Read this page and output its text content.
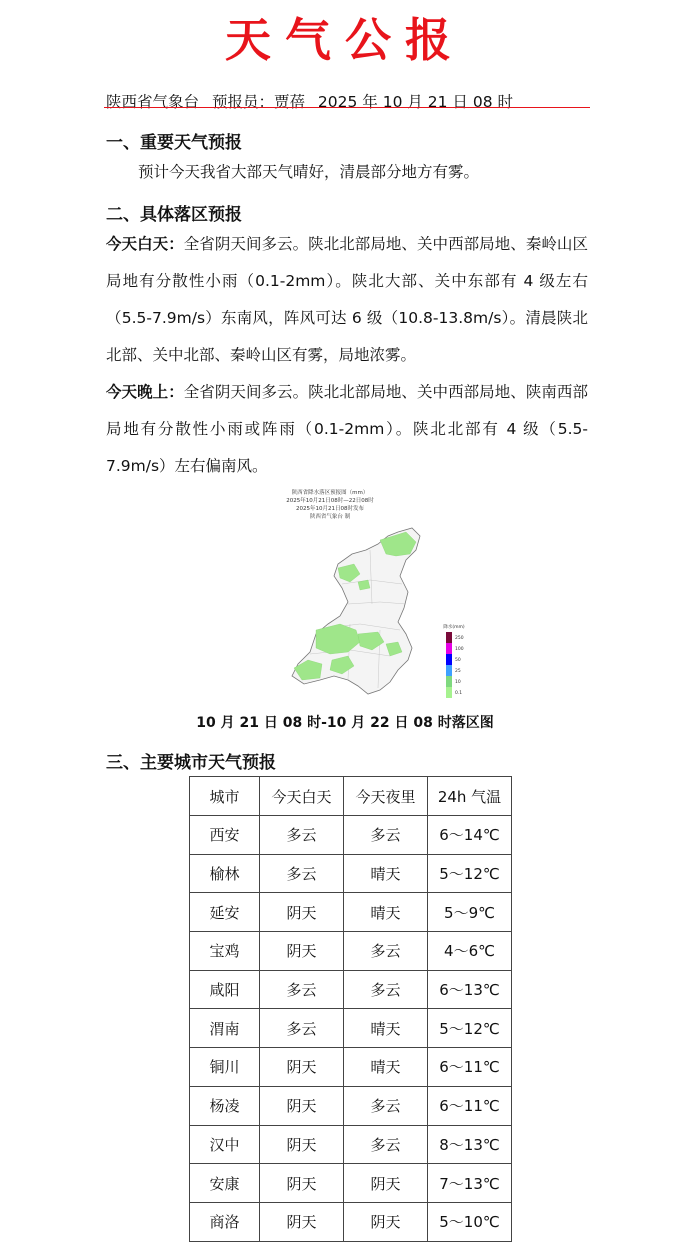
天气公报
陕西省气象台 预报员：贾蓓 2025 年 10 月 21 日 08 时
一、重要天气预报
预计今天我省大部天气晴好，清晨部分地方有雾。
二、具体落区预报
今天白天：全省阴天间多云。陕北北部局地、关中西部局地、秦岭山区局地有分散性小雨（0.1-2mm）。陕北大部、关中东部有 4 级左右（5.5-7.9m/s）东南风，阵风可达 6 级（10.8-13.8m/s）。清晨陕北北部、关中北部、秦岭山区有雾，局地浓雾。
今天晚上：全省阴天间多云。陕北北部局地、关中西部局地、陕南西部局地有分散性小雨或阵雨（0.1-2mm）。陕北北部有 4 级（5.5-7.9m/s）左右偏南风。
陕西省降水落区预报图（mm）
2025年10月21日08时—22日08时
2025年10月21日08时发布
陕西省气象台 制
降水(mm)
250
100
50
25
10
0.1
10 月 21 日 08 时-10 月 22 日 08 时落区图
三、主要城市天气预报
城市	今天白天	今天夜里	24h 气温
西安	多云	多云	6～14℃
榆林	多云	晴天	5～12℃
延安	阴天	晴天	5～9℃
宝鸡	阴天	多云	4～6℃
咸阳	多云	多云	6～13℃
渭南	多云	晴天	5～12℃
铜川	阴天	晴天	6～11℃
杨凌	阴天	多云	6～11℃
汉中	阴天	多云	8～13℃
安康	阴天	阴天	7～13℃
商洛	阴天	阴天	5～10℃
